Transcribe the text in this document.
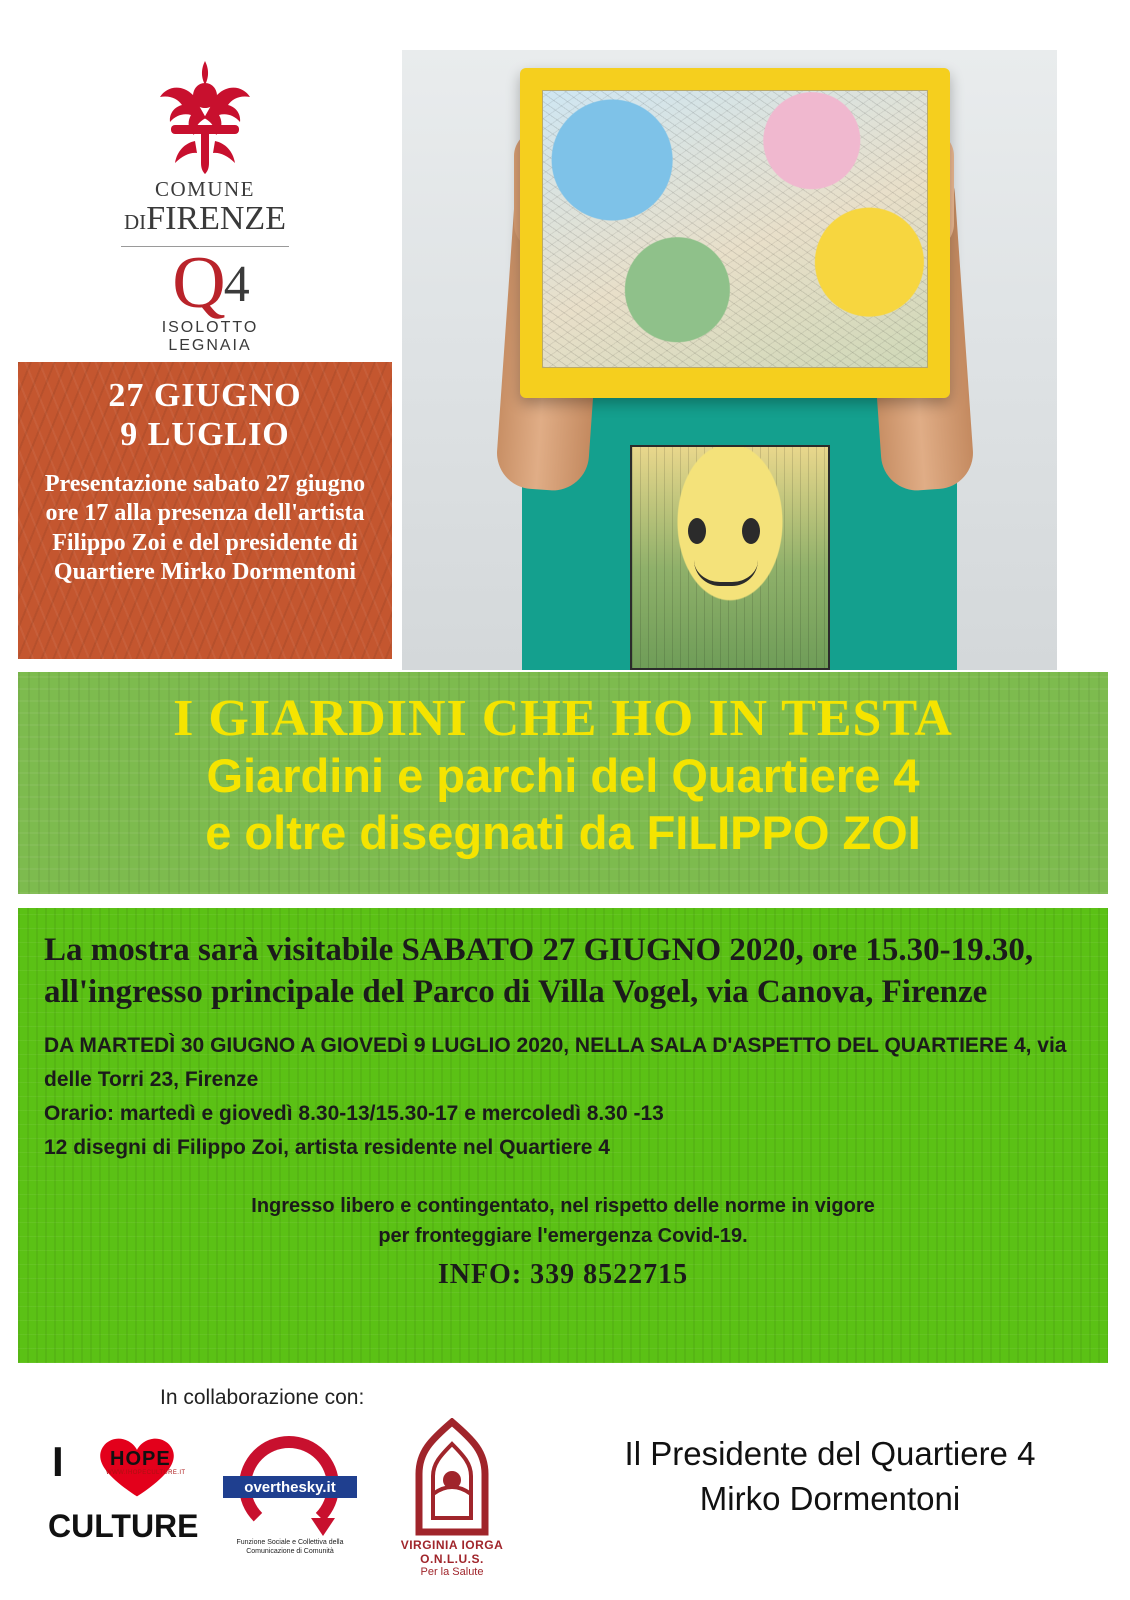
COMUNE
DIFIRENZE
Q4
ISOLOTTO LEGNAIA
27 GIUGNO
9 LUGLIO
Presentazione sabato 27 giugno ore 17 alla presenza dell'artista Filippo Zoi e del presidente di Quartiere Mirko Dormentoni
I GIARDINI CHE HO IN TESTA
Giardini e parchi del Quartiere 4
e oltre disegnati da FILIPPO ZOI
La mostra sarà visitabile SABATO 27 GIUGNO 2020, ore 15.30-19.30, all'ingresso principale del Parco di Villa Vogel, via Canova, Firenze

DA MARTEDÌ 30 GIUGNO A GIOVEDÌ 9 LUGLIO 2020, NELLA SALA D'ASPETTO DEL QUARTIERE 4, via delle Torri 23, Firenze

Orario: martedì e giovedì 8.30-13/15.30-17 e mercoledì 8.30 -13

12 disegni di Filippo Zoi, artista residente nel Quartiere 4

Ingresso libero e contingentato, nel rispetto delle norme in vigore
per fronteggiare l'emergenza Covid-19.
INFO: 339 8522715
In collaborazione con:
I HOPE
WWW.IHOPECULTURE.IT
CULTURE
overthesky.it
Funzione Sociale e Collettiva della Comunicazione di Comunità	VIRGINIA IORGA O.N.L.U.S.
Per la Salute
Il Presidente del Quartiere 4
Mirko Dormentoni
